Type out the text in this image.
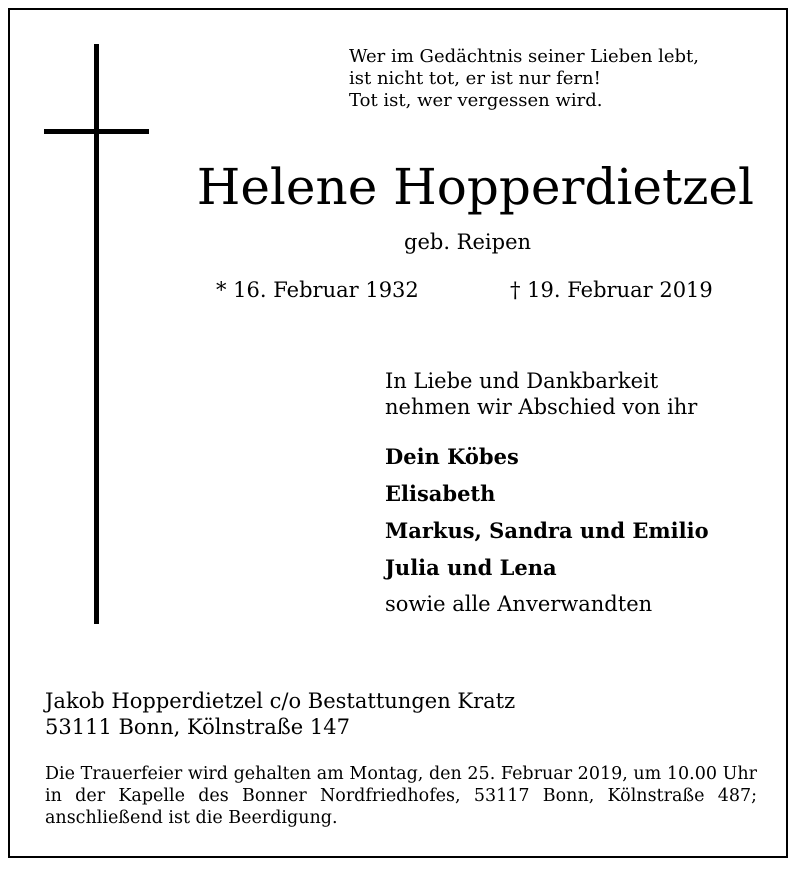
Wer im Gedächtnis seiner Lieben lebt,
ist nicht tot, er ist nur fern!
Tot ist, wer vergessen wird.
Helene Hopperdietzel
geb. Reipen
* 16. Februar 1932	† 19. Februar 2019
In Liebe und Dankbarkeit
nehmen wir Abschied von ihr
Dein Köbes
Elisabeth
Markus, Sandra und Emilio
Julia und Lena
sowie alle Anverwandten
Jakob Hopperdietzel c/o Bestattungen Kratz
53111 Bonn, Kölnstraße 147
Die Trauerfeier wird gehalten am Montag, den 25. Februar 2019, um 10.00 Uhr in der Kapelle des Bonner Nordfriedhofes, 53117 Bonn, Kölnstraße 487; anschließend ist die Beerdigung.
